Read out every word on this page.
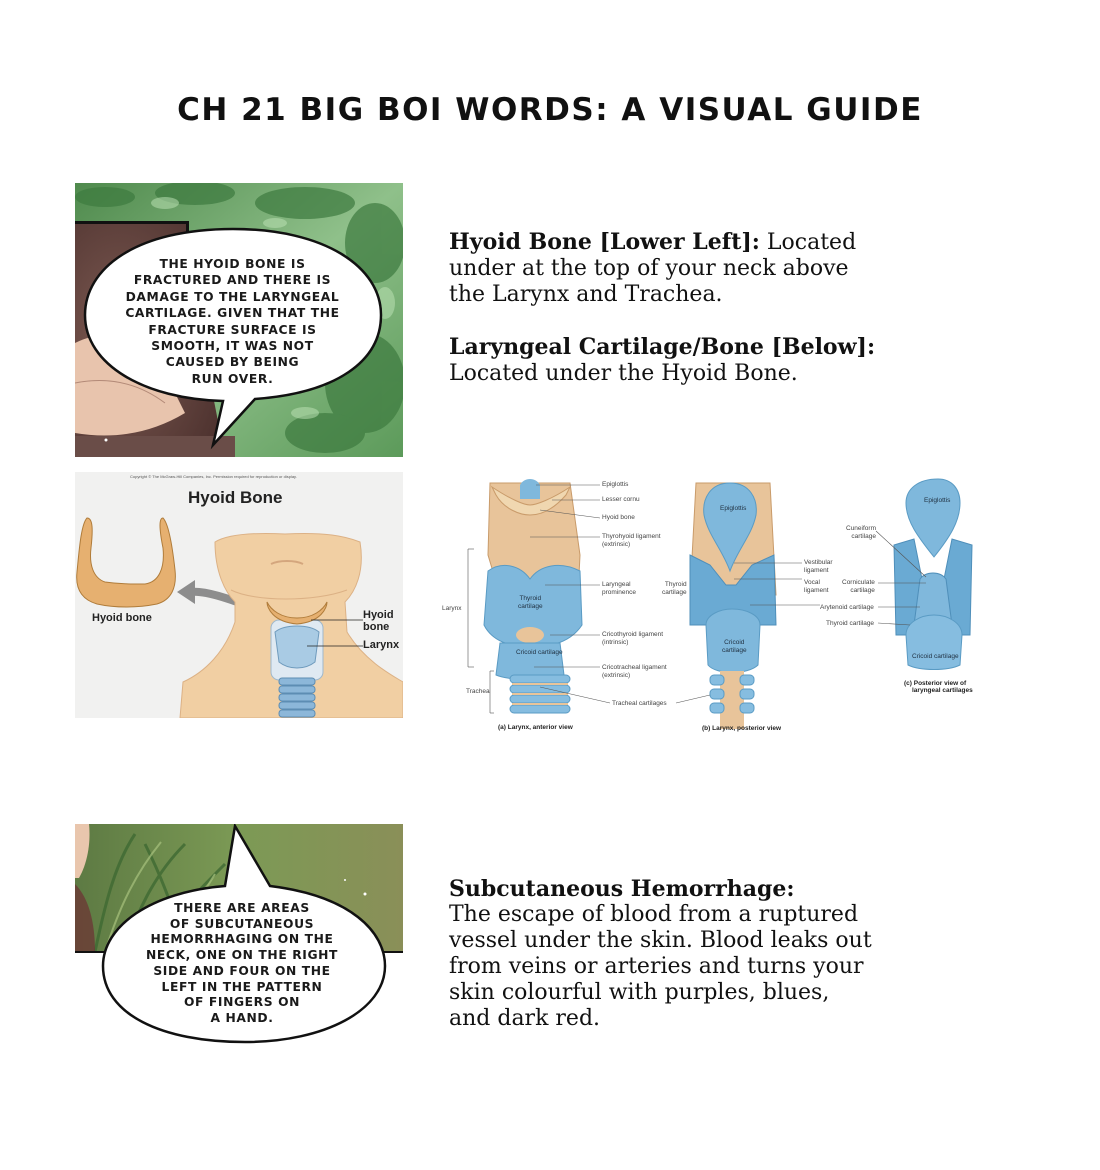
CH 21 BIG BOI WORDS: A VISUAL GUIDE
THE HYOID BONE IS
FRACTURED AND THERE IS
DAMAGE TO THE LARYNGEAL
CARTILAGE. GIVEN THAT THE
FRACTURE SURFACE IS
SMOOTH, IT WAS NOT
CAUSED BY BEING
RUN OVER.
Hyoid Bone [Lower Left]: Located
under at the top of your neck above
the Larynx and Trachea.
Laryngeal Cartilage/Bone [Below]:
Located under the Hyoid Bone.
Copyright © The McGraw-Hill Companies, Inc. Permission required for reproduction or display.
Hyoid Bone
Hyoid bone	Hyoid
bone
Larynx
Epiglottis
Lesser cornu
Hyoid bone
Thyrohyoid ligament
(extrinsic)
Laryngeal
prominence
Thyroid
cartilage
Cricothyroid ligament
(intrinsic)
Cricoid cartilage
Cricotracheal ligament
(extrinsic)
Tracheal cartilages
Larynx
Trachea
(a) Larynx, anterior view
Epiglottis
Thyroid
cartilage
Vestibular
ligament
Vocal
ligament
Cricoid
cartilage
(b) Larynx, posterior view
Epiglottis
Cuneiform
cartilage
Corniculate
cartilage
Arytenoid cartilage
Thyroid cartilage
Cricoid cartilage
(c) Posterior view of
laryngeal cartilages
THERE ARE AREAS
OF SUBCUTANEOUS
HEMORRHAGING ON THE
NECK, ONE ON THE RIGHT
SIDE AND FOUR ON THE
LEFT IN THE PATTERN
OF FINGERS ON
A HAND.
Subcutaneous Hemorrhage:
The escape of blood from a ruptured
vessel under the skin. Blood leaks out
from veins or arteries and turns your
skin colourful with purples, blues,
and dark red.
